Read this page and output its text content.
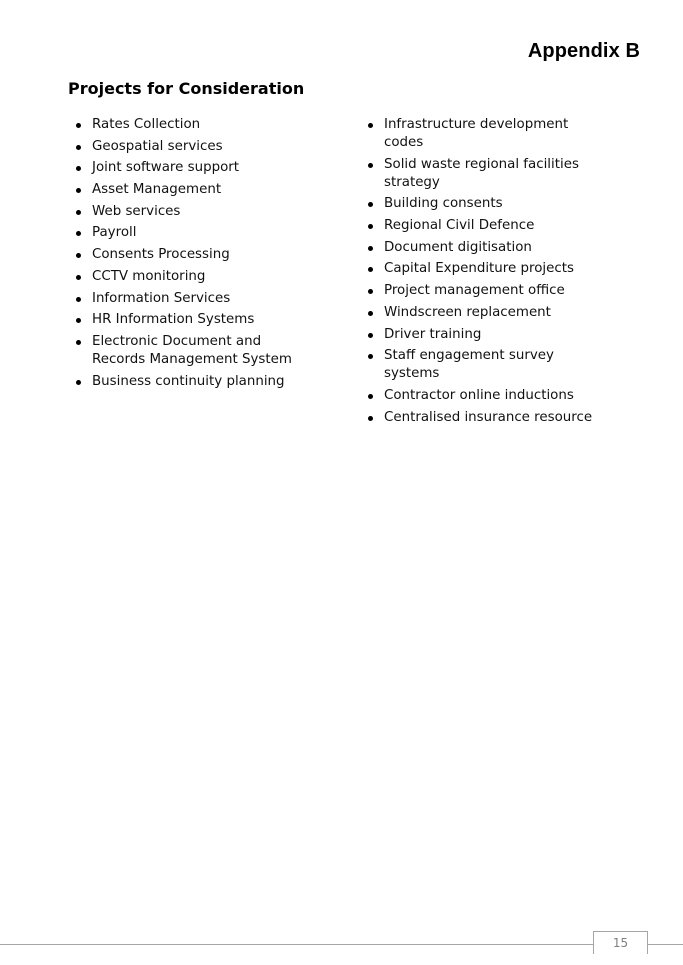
Appendix B
Projects for Consideration
Rates Collection
Geospatial services
Joint software support
Asset Management
Web services
Payroll
Consents Processing
CCTV monitoring
Information Services
HR Information Systems
Electronic Document and Records Management System
Business continuity planning
Infrastructure development codes
Solid waste regional facilities strategy
Building consents
Regional Civil Defence
Document digitisation
Capital Expenditure projects
Project management office
Windscreen replacement
Driver training
Staff engagement survey systems
Contractor online inductions
Centralised insurance resource
15
